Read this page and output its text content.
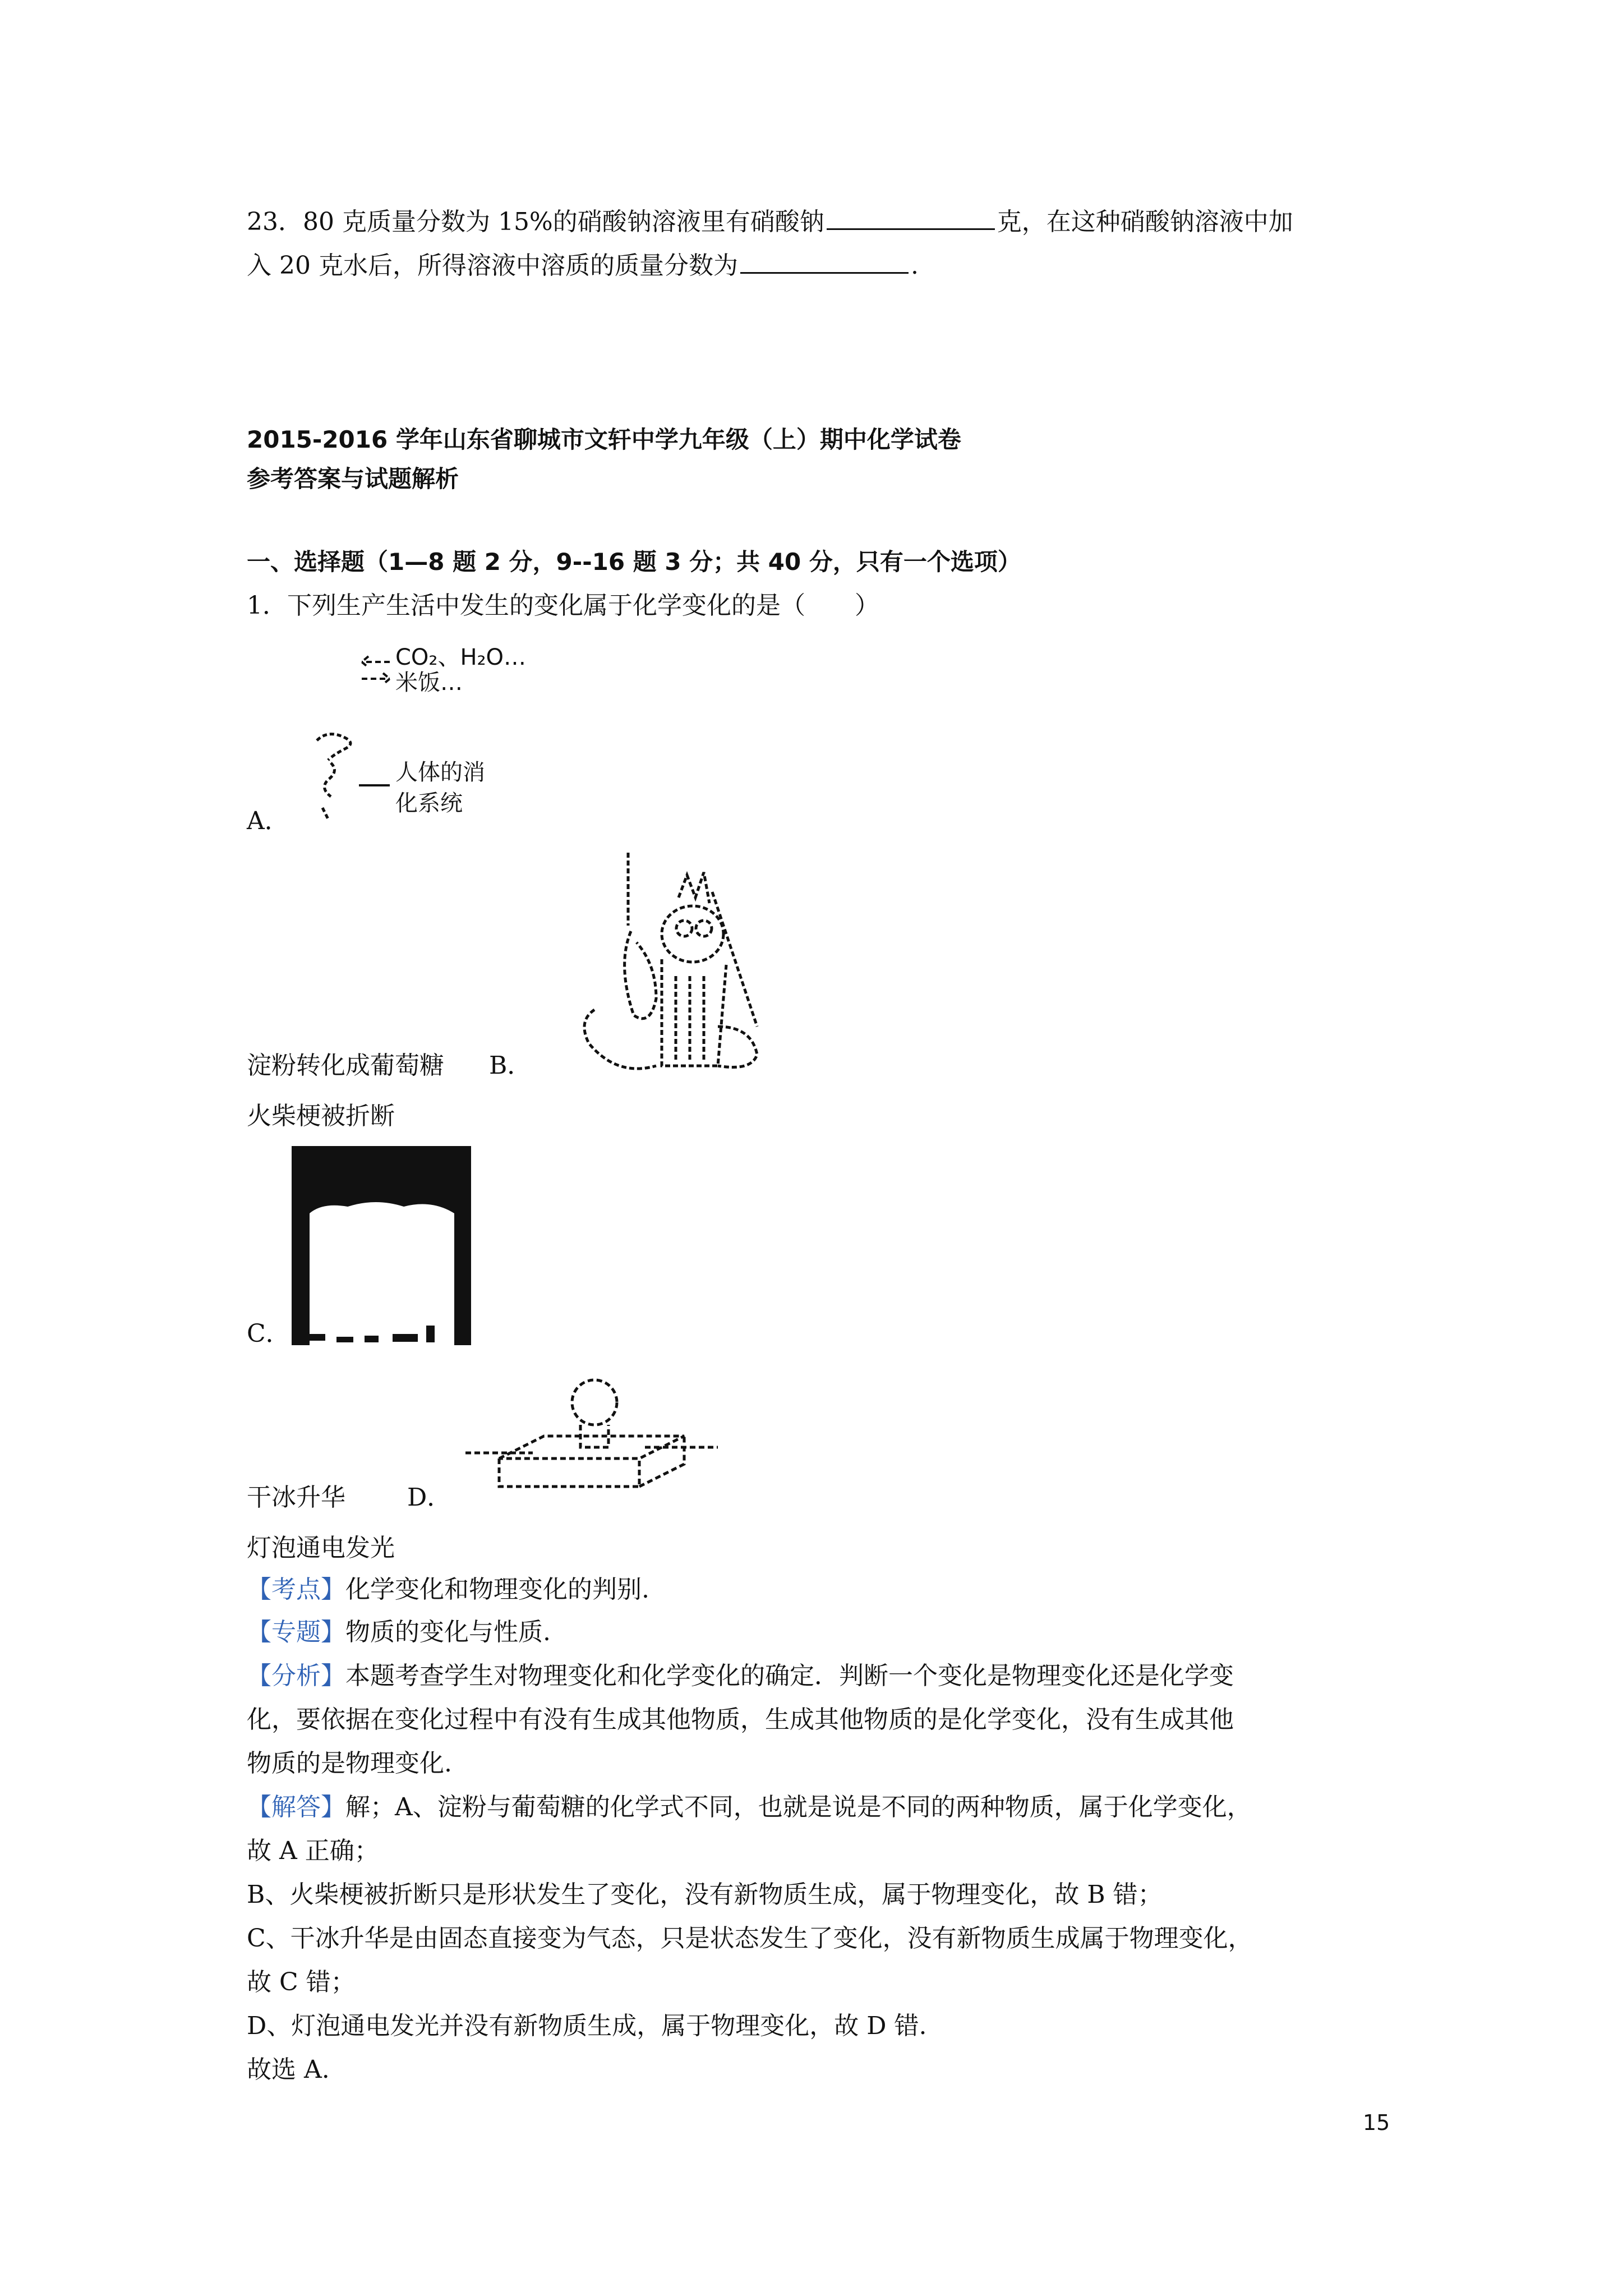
23．80 克质量分数为 15%的硝酸钠溶液里有硝酸钠	克，在这种硝酸钠溶液中加
入 20 克水后，所得溶液中溶质的质量分数为	.
2015-2016 学年山东省聊城市文轩中学九年级（上）期中化学试卷
参考答案与试题解析
一、选择题（1—8 题 2 分，9--16 题 3 分；共 40 分，只有一个选项）
1．下列生产生活中发生的变化属于化学变化的是（　　）
CO₂、H₂O…
米饭…
人体的消
化系统
A．
淀粉转化成葡萄糖 B．
火柴梗被折断
C．
干冰升华	D．
灯泡通电发光
【考点】化学变化和物理变化的判别.
【专题】物质的变化与性质.
【分析】本题考查学生对物理变化和化学变化的确定．判断一个变化是物理变化还是化学变
化，要依据在变化过程中有没有生成其他物质，生成其他物质的是化学变化，没有生成其他
物质的是物理变化.
【解答】解；A、淀粉与葡萄糖的化学式不同，也就是说是不同的两种物质，属于化学变化，
故 A 正确；
B、火柴梗被折断只是形状发生了变化，没有新物质生成，属于物理变化，故 B 错；
C、干冰升华是由固态直接变为气态，只是状态发生了变化，没有新物质生成属于物理变化，
故 C 错；
D、灯泡通电发光并没有新物质生成，属于物理变化，故 D 错.
故选 A.
15
